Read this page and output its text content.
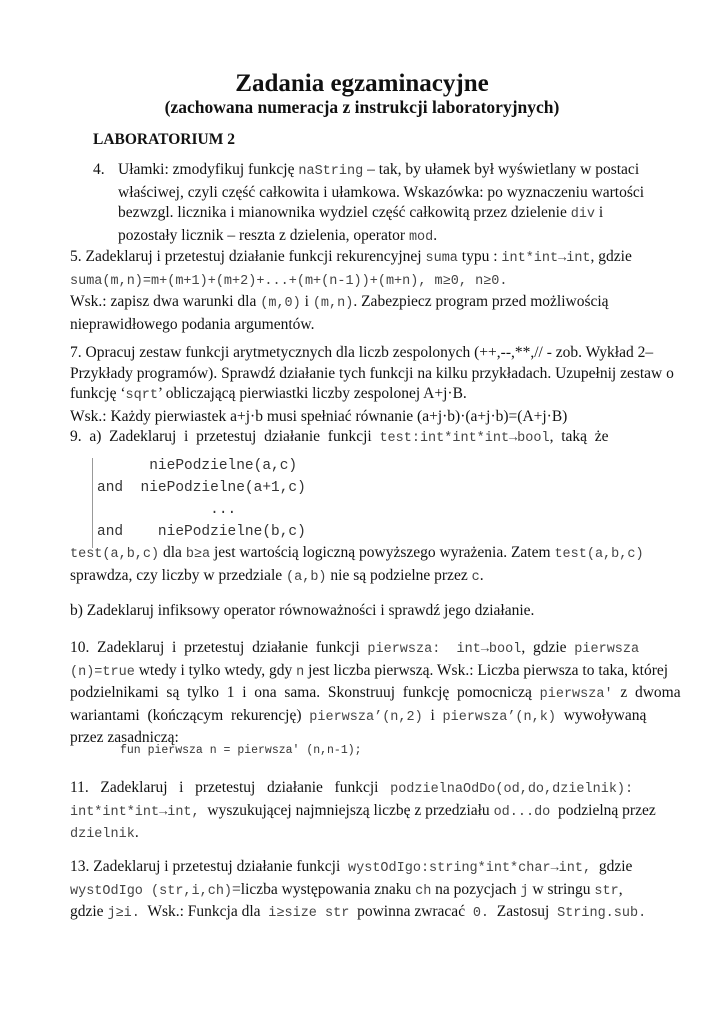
Zadania egzaminacyjne
(zachowana numeracja z instrukcji laboratoryjnych)
LABORATORIUM 2
4. Ułamki: zmodyfikuj funkcję naString – tak, by ułamek był wyświetlany w postaci właściwej, czyli część całkowita i ułamkowa. Wskazówka: po wyznaczeniu wartości bezwzgl. licznika i mianownika wydziel część całkowitą przez dzielenie div i pozostały licznik – reszta z dzielenia, operator mod.
5. Zadeklaruj i przetestuj działanie funkcji rekurencyjnej suma typu : int*int→int, gdzie
suma(m,n)=m+(m+1)+(m+2)+...+(m+(n-1))+(m+n), m≥0, n≥0.
Wsk.: zapisz dwa warunki dla (m,0) i (m,n). Zabezpiecz program przed możliwością
nieprawidłowego podania argumentów.
7. Opracuj zestaw funkcji arytmetycznych dla liczb zespolonych (++,--,**,// - zob. Wykład 2–
Przykłady programów). Sprawdź działanie tych funkcji na kilku przykładach. Uzupełnij zestaw o
funkcję ‘sqrt’ obliczającą pierwiastki liczby zespolonej A+j·B.
Wsk.: Każdy pierwiastek a+j·b musi spełniać równanie (a+j·b)·(a+j·b)=(A+j·B)
9.  a)  Zadeklaruj  i  przetestuj  działanie  funkcji  test:int*int*int→bool,  taką  że
niePodzielne(a,c)
and  niePodzielne(a+1,c)
...
and    niePodzielne(b,c)
test(a,b,c) dla b≥a jest wartością logiczną powyższego wyrażenia. Zatem test(a,b,c)
sprawdza, czy liczby w przedziale (a,b) nie są podzielne przez c.
b) Zadeklaruj infiksowy operator równoważności i sprawdź jego działanie.
10.  Zadeklaruj  i  przetestuj  działanie  funkcji  pierwsza:  int→bool,  gdzie  pierwsza
(n)=true wtedy i tylko wtedy, gdy n jest liczba pierwszą. Wsk.: Liczba pierwsza to taka, której
podzielnikami  są  tylko  1  i  ona  sama.  Skonstruuj  funkcję  pomocniczą  pierwsza'  z  dwoma
wariantami  (kończącym  rekurencję)  pierwsza’(n,2)  i  pierwsza’(n,k)  wywoływaną
przez zasadniczą:
fun pierwsza n = pierwsza' (n,n-1);
11.   Zadeklaruj   i   przetestuj   działanie   funkcji   podzielnaOdDo(od,do,dzielnik):
int*int*int→int,  wyszukującej najmniejszą liczbę z przedziału od...do  podzielną przez
dzielnik.
13. Zadeklaruj i przetestuj działanie funkcji  wystOdIgo:string*int*char→int,  gdzie
wystOdIgo (str,i,ch)=liczba występowania znaku ch na pozycjach j w stringu str,
gdzie j≥i.  Wsk.: Funkcja dla  i≥size str  powinna zwracać  0.  Zastosuj  String.sub.
